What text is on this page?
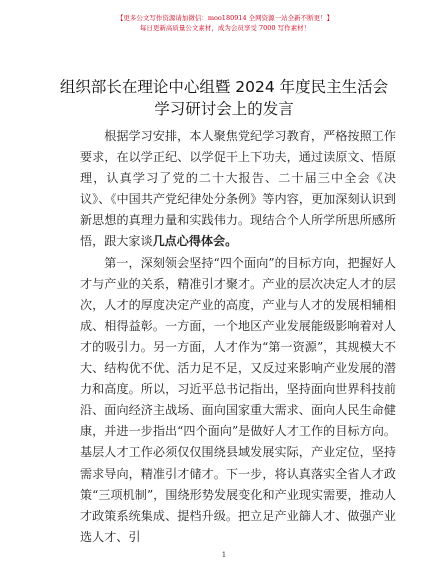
【更多公文写作资源请加微信：moo180914 全网资源一站全新不断更！】
每日更新高质量公文素材，成为会员享受 7000 写作素材！
组织部长在理论中心组暨 2024 年度民主生活会
学习研讨会上的发言

根据学习安排，本人聚焦党纪学习教育，严格按照工作要求，在以学正纪、以学促干上下功夫，通过读原文、悟原理，认真学习了党的二十大报告、二十届三中全会《决议》、《中国共产党纪律处分条例》等内容，更加深刻认识到新思想的真理力量和实践伟力。现结合个人所学所思所感所悟，跟大家谈几点心得体会。

第一，深刻领会坚持“四个面向”的目标方向，把握好人才与产业的关系，精准引才聚才。产业的层次决定人才的层次，人才的厚度决定产业的高度，产业与人才的发展相辅相成、相得益彰。一方面，一个地区产业发展能级影响着对人才的吸引力。另一方面，人才作为“第一资源”，其规模大不大、结构优不优、活力足不足，又反过来影响产业发展的潜力和高度。所以，习近平总书记指出，坚持面向世界科技前沿、面向经济主战场、面向国家重大需求、面向人民生命健康，并进一步指出“四个面向”是做好人才工作的目标方向。基层人才工作必须仅仅围绕县域发展实际，产业定位，坚持需求导向，精准引才储才。下一步，将认真落实全省人才政策“三项机制”，围绕形势发展变化和产业现实需要，推动人才政策系统集成、提档升级。把立足产业篩人才、做强产业选人才、引

1
